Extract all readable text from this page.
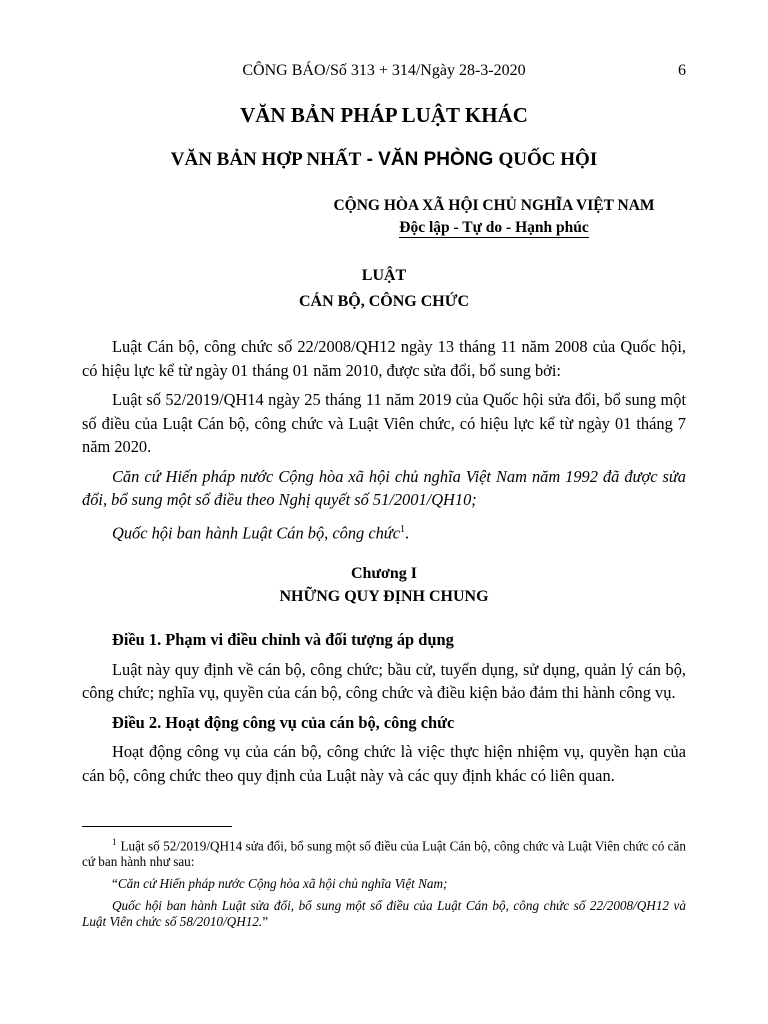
CÔNG BÁO/Số 313 + 314/Ngày 28-3-2020	6
VĂN BẢN PHÁP LUẬT KHÁC
VĂN BẢN HỢP NHẤT - VĂN PHÒNG QUỐC HỘI
CỘNG HÒA XÃ HỘI CHỦ NGHĨA VIỆT NAM
Độc lập - Tự do - Hạnh phúc
LUẬT
CÁN BỘ, CÔNG CHỨC

Luật Cán bộ, công chức số 22/2008/QH12 ngày 13 tháng 11 năm 2008 của Quốc hội, có hiệu lực kể từ ngày 01 tháng 01 năm 2010, được sửa đổi, bổ sung bởi:

Luật số 52/2019/QH14 ngày 25 tháng 11 năm 2019 của Quốc hội sửa đổi, bổ sung một số điều của Luật Cán bộ, công chức và Luật Viên chức, có hiệu lực kể từ ngày 01 tháng 7 năm 2020.

Căn cứ Hiến pháp nước Cộng hòa xã hội chủ nghĩa Việt Nam năm 1992 đã được sửa đổi, bổ sung một số điều theo Nghị quyết số 51/2001/QH10;

Quốc hội ban hành Luật Cán bộ, công chức$^1$.

Chương I
NHỮNG QUY ĐỊNH CHUNG

Điều 1. Phạm vi điều chỉnh và đối tượng áp dụng

Luật này quy định về cán bộ, công chức; bầu cử, tuyển dụng, sử dụng, quản lý cán bộ, công chức; nghĩa vụ, quyền của cán bộ, công chức và điều kiện bảo đảm thi hành công vụ.

Điều 2. Hoạt động công vụ của cán bộ, công chức

Hoạt động công vụ của cán bộ, công chức là việc thực hiện nhiệm vụ, quyền hạn của cán bộ, công chức theo quy định của Luật này và các quy định khác có liên quan.

$^1$ Luật số 52/2019/QH14 sửa đổi, bổ sung một số điều của Luật Cán bộ, công chức và Luật Viên chức có căn cứ ban hành như sau:

“Căn cứ Hiến pháp nước Cộng hòa xã hội chủ nghĩa Việt Nam;

Quốc hội ban hành Luật sửa đổi, bổ sung một số điều của Luật Cán bộ, công chức số 22/2008/QH12 và Luật Viên chức số 58/2010/QH12.”
